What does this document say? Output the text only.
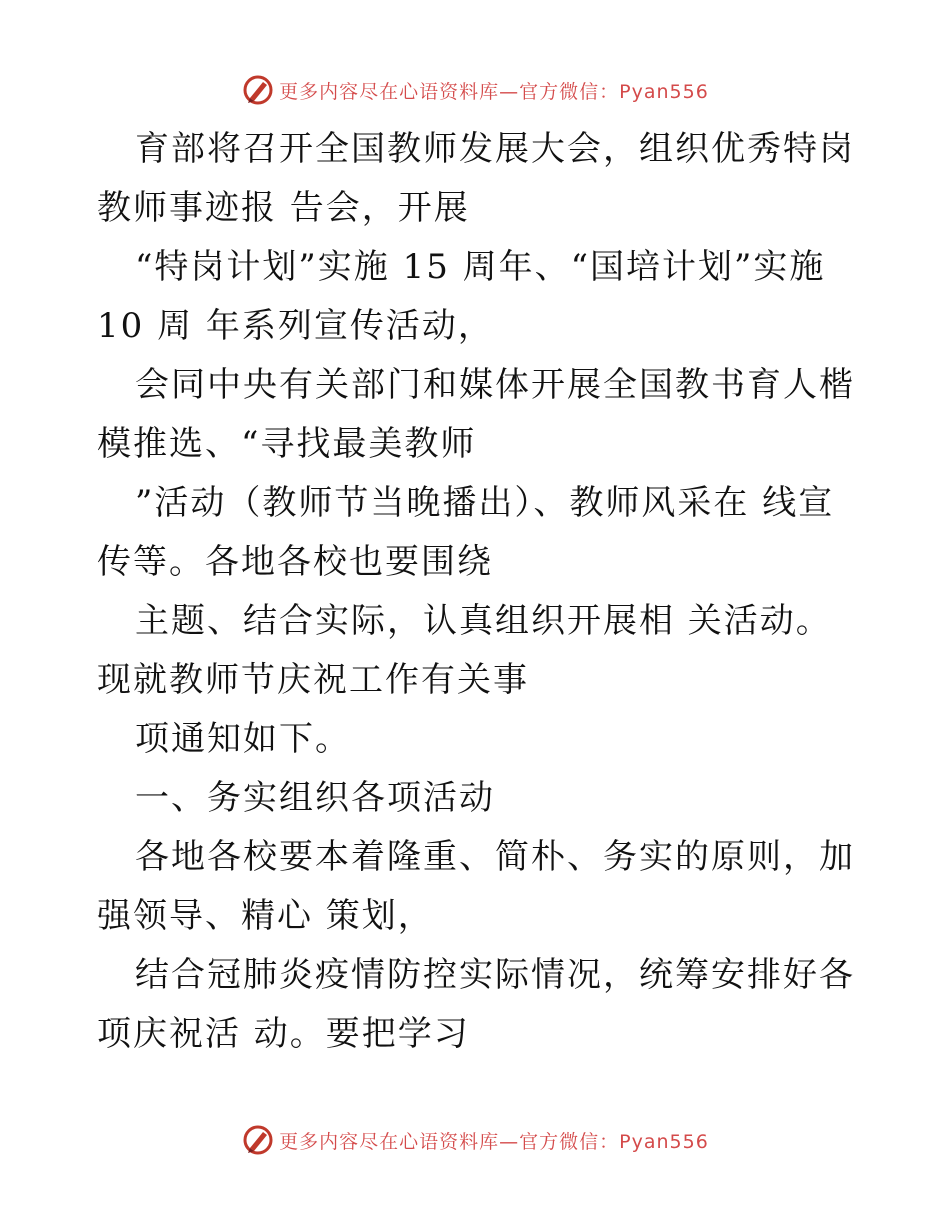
更多内容尽在心语资料库—官方微信：Pyan556

育部将召开全国教师发展大会，组织优秀特岗教师事迹报 告会，开展

“特岗计划”实施 15 周年、“国培计划”实施 10 周 年系列宣传活动，

会同中央有关部门和媒体开展全国教书育人楷模推选、“寻找最美教师

”活动（教师节当晚播出）、教师风采在 线宣传等。各地各校也要围绕

主题、结合实际，认真组织开展相 关活动。现就教师节庆祝工作有关事

项通知如下。

一、务实组织各项活动

各地各校要本着隆重、简朴、务实的原则，加强领导、精心 策划，

结合冠肺炎疫情防控实际情况，统筹安排好各项庆祝活 动。要把学习

更多内容尽在心语资料库—官方微信：Pyan556
